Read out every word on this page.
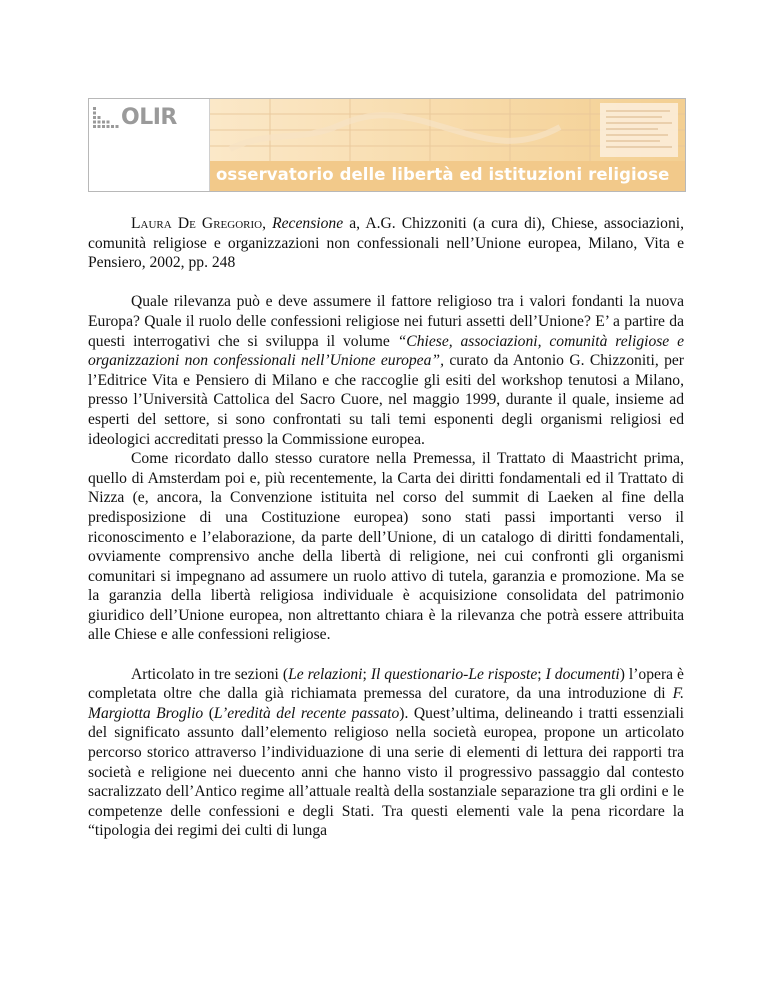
OLIR
osservatorio delle libertà ed istituzioni religiose

Laura De Gregorio, Recensione a, A.G. Chizzoniti (a cura di), Chiese, associazioni, comunità religiose e organizzazioni non confessionali nell’Unione europea, Milano, Vita e Pensiero, 2002, pp. 248

Quale rilevanza può e deve assumere il fattore religioso tra i valori fondanti la nuova Europa? Quale il ruolo delle confessioni religiose nei futuri assetti dell’Unione? E’ a partire da questi interrogativi che si sviluppa il volume “Chiese, associazioni, comunità religiose e organizzazioni non confessionali nell’Unione europea”, curato da Antonio G. Chizzoniti, per l’Editrice Vita e Pensiero di Milano e che raccoglie gli esiti del workshop tenutosi a Milano, presso l’Università Cattolica del Sacro Cuore, nel maggio 1999, durante il quale, insieme ad esperti del settore, si sono confrontati su tali temi esponenti degli organismi religiosi ed ideologici accreditati presso la Commissione europea.

Come ricordato dallo stesso curatore nella Premessa, il Trattato di Maastricht prima, quello di Amsterdam poi e, più recentemente, la Carta dei diritti fondamentali ed il Trattato di Nizza (e, ancora, la Convenzione istituita nel corso del summit di Laeken al fine della predisposizione di una Costituzione europea) sono stati passi importanti verso il riconoscimento e l’elaborazione, da parte dell’Unione, di un catalogo di diritti fondamentali, ovviamente comprensivo anche della libertà di religione, nei cui confronti gli organismi comunitari si impegnano ad assumere un ruolo attivo di tutela, garanzia e promozione. Ma se la garanzia della libertà religiosa individuale è acquisizione consolidata del patrimonio giuridico dell’Unione europea, non altrettanto chiara è la rilevanza che potrà essere attribuita alle Chiese e alle confessioni religiose.

Articolato in tre sezioni (Le relazioni; Il questionario-Le risposte; I documenti) l’opera è completata oltre che dalla già richiamata premessa del curatore, da una introduzione di F. Margiotta Broglio (L’eredità del recente passato). Quest’ultima, delineando i tratti essenziali del significato assunto dall’elemento religioso nella società europea, propone un articolato percorso storico attraverso l’individuazione di una serie di elementi di lettura dei rapporti tra società e religione nei duecento anni che hanno visto il progressivo passaggio dal contesto sacralizzato dell’Antico regime all’attuale realtà della sostanziale separazione tra gli ordini e le competenze delle confessioni e degli Stati. Tra questi elementi vale la pena ricordare la “tipologia dei regimi dei culti di lunga
